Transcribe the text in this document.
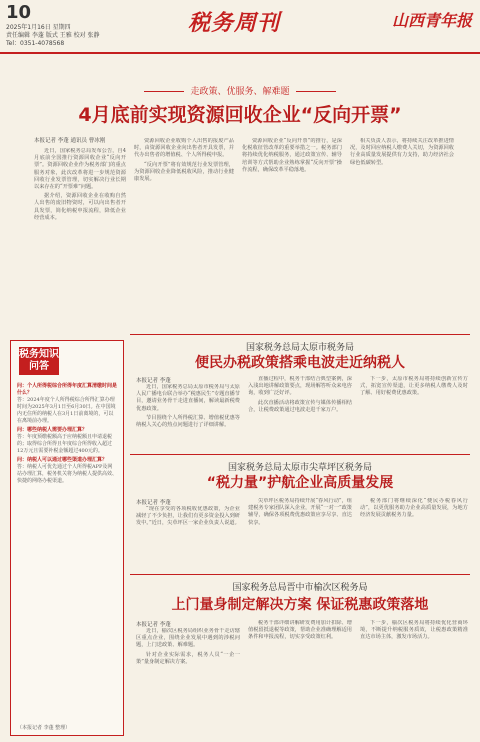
10
2025年1月16日 星期四
责任编辑 李蓬 版式 王雅 校对 张静
Tel：0351-4078568
税务周刊	山西青年报
走政策、优服务、解难题
4月底前实现资源回收企业“反向开票”
本报记者 李蓬 通讯员 曹冰刚

近日，国家税务总局发布公告，自4月底前全国推行资源回收企业“反向开票”。资源回收企业作为税务部门的重点服务对象，此次改革将进一步规范资源回收行业发票管理，切实解决行业长期以来存在的“开票难”问题。

据介绍，资源回收企业在收购自然人出售的废旧物资时，可以向出售者开具发票，简化纳税申报流程，降低企业经营成本。

资源回收企业收购个人出售的报废产品时，由资源回收企业向出售者开具发票，并代办出售者的增值税、个人所得税申报。

“反向开票”将有效规范行业发票管理，为资源回收企业降低税收风险，推动行业健康发展。

资源回收企业“反向开票”的推行，是深化税收征管改革的重要举措之一。税务部门将持续优化纳税服务，通过政策宣传、辅导培训等方式帮助企业熟练掌握“反向开票”操作流程，确保改革平稳落地。

相关负责人表示，将持续关注改革推进情况，及时回应纳税人缴费人关切，为资源回收行业高质量发展提供有力支持，助力经济社会绿色低碳转型。

税务知识问答
问：个人所得税综合所得年度汇算清缴时间是什么？
答：2024年度个人所得税综合所得汇算办理时间为2025年3月1日至6月30日。在中国境内无住所的纳税人在3月1日前离境的，可以在离境前办理。
问：哪些纳税人需要办理汇算？
答：年度预缴税额高于应纳税额且申请退税的；取得综合所得且年度综合所得收入超过12万元且需要补税金额超过400元的。
问：纳税人可以通过哪些渠道办理汇算？
答：纳税人可优先通过个人所得税APP及网站办理汇算，税务机关将为纳税人提供高效、快捷的网络办税渠道。
（本报记者 李蓬 整理）
国家税务总局太原市税务局
便民办税政策搭乘电波走近纳税人
本报记者 李蓬

近日，国家税务总局太原市税务局与太原人民广播电台联合举办“税惠民生”专题直播节目，邀请业务骨干走进直播间，解读最新税费优惠政策。

节目围绕个人所得税汇算、增值税优惠等纳税人关心的热点问题进行了详细讲解。

直播过程中，税务干部结合典型案例，深入浅出地讲解政策要点，现场解答听众来电咨询，收到广泛好评。

此次直播活动将政策宣传与媒体传播相结合，让税费政策通过电波走进千家万户。

下一步，太原市税务局将持续创新宣传方式，拓宽宣传渠道，让更多纳税人缴费人及时了解、用好税费优惠政策。

国家税务总局太原市尖草坪区税务局
“税力量”护航企业高质量发展
本报记者 李蓬

“现在享受的各项税收优惠政策，为企业减轻了不少负担，让我们有更多资金投入到研发中。”近日，尖草坪区一家企业负责人说道。

尖草坪区税务局持续开展“春风行动”，组建税务专家团队深入企业，开展“一对一”政策辅导，确保各项税费优惠政策应享尽享、直达快享。

税务部门将继续深化“便民办税春风行动”，以更优服务助力企业高质量发展，为地方经济发展贡献税务力量。

国家税务总局晋中市榆次区税务局
上门量身制定解决方案 保证税惠政策落地
本报记者 李蓬

近日，榆次区税务局组织业务骨干走访辖区重点企业，围绕企业发展中遇到的涉税问题，上门送政策、解难题。

针对企业实际需求，税务人员“一企一策”量身制定解决方案。

税务干部详细讲解研发费用加计扣除、增值税留抵退税等政策，帮助企业准确理解适用条件和申报流程，切实享受政策红利。

下一步，榆次区税务局将持续优化营商环境，不断提升纳税服务质效，让税惠政策精准直达市场主体，激发市场活力。
